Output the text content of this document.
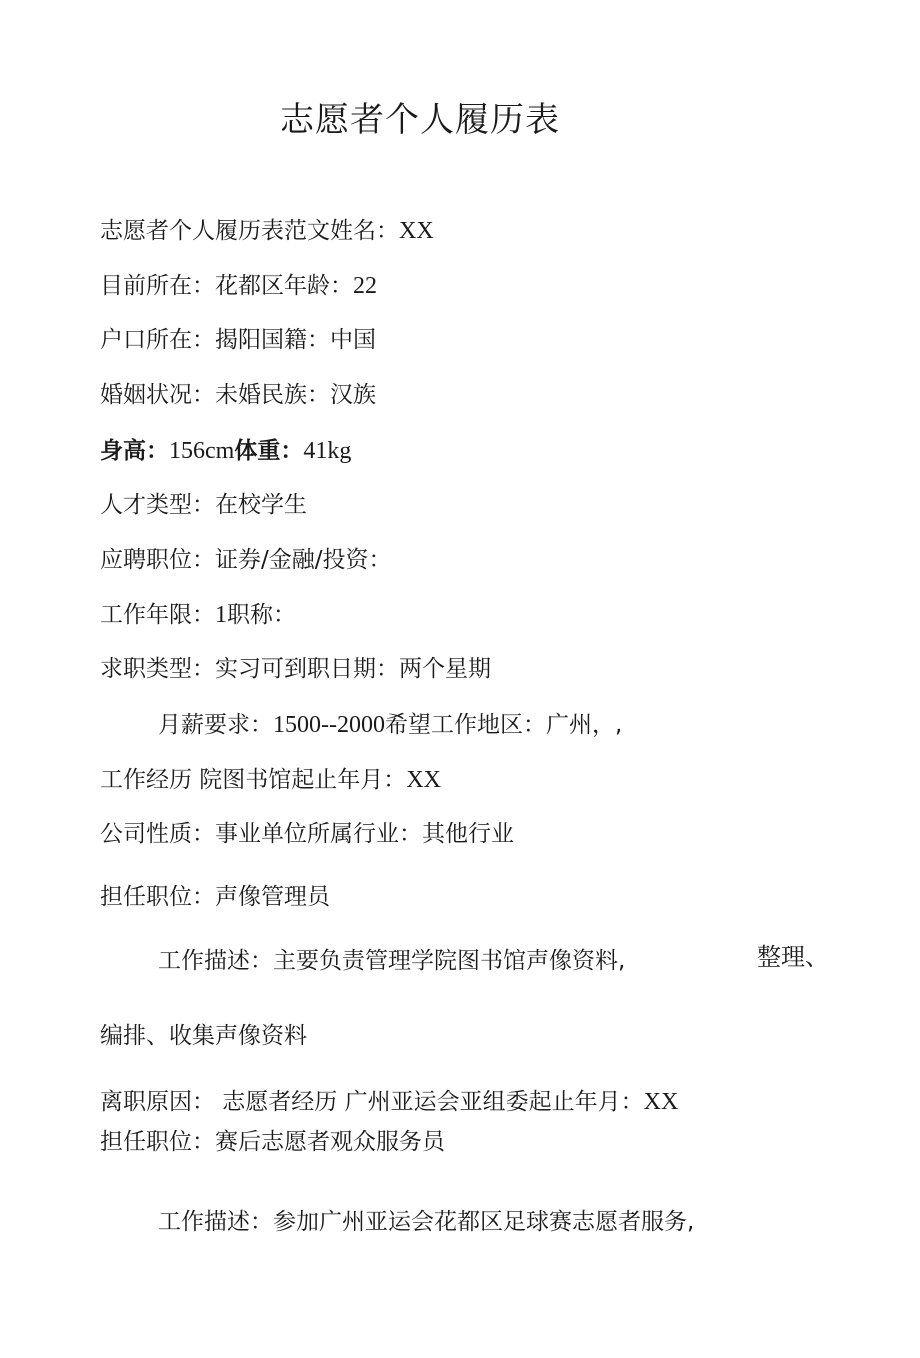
志愿者个人履历表
志愿者个人履历表范文姓名：XX
目前所在：花都区年龄：22
户口所在：揭阳国籍：中国
婚姻状况：未婚民族：汉族
身高：156cm体重：41kg
人才类型：在校学生
应聘职位：证券/金融/投资：
工作年限：1职称：
求职类型：实习可到职日期：两个星期
月薪要求：1500--2000希望工作地区：广州，,
工作经历 院图书馆起止年月：XX
公司性质：事业单位所属行业：其他行业
担任职位：声像管理员
工作描述：主要负责管理学院图书馆声像资料,	整理、
编排、收集声像资料
离职原因： 志愿者经历 广州亚运会亚组委起止年月：XX
担任职位：赛后志愿者观众服务员
工作描述：参加广州亚运会花都区足球赛志愿者服务,
